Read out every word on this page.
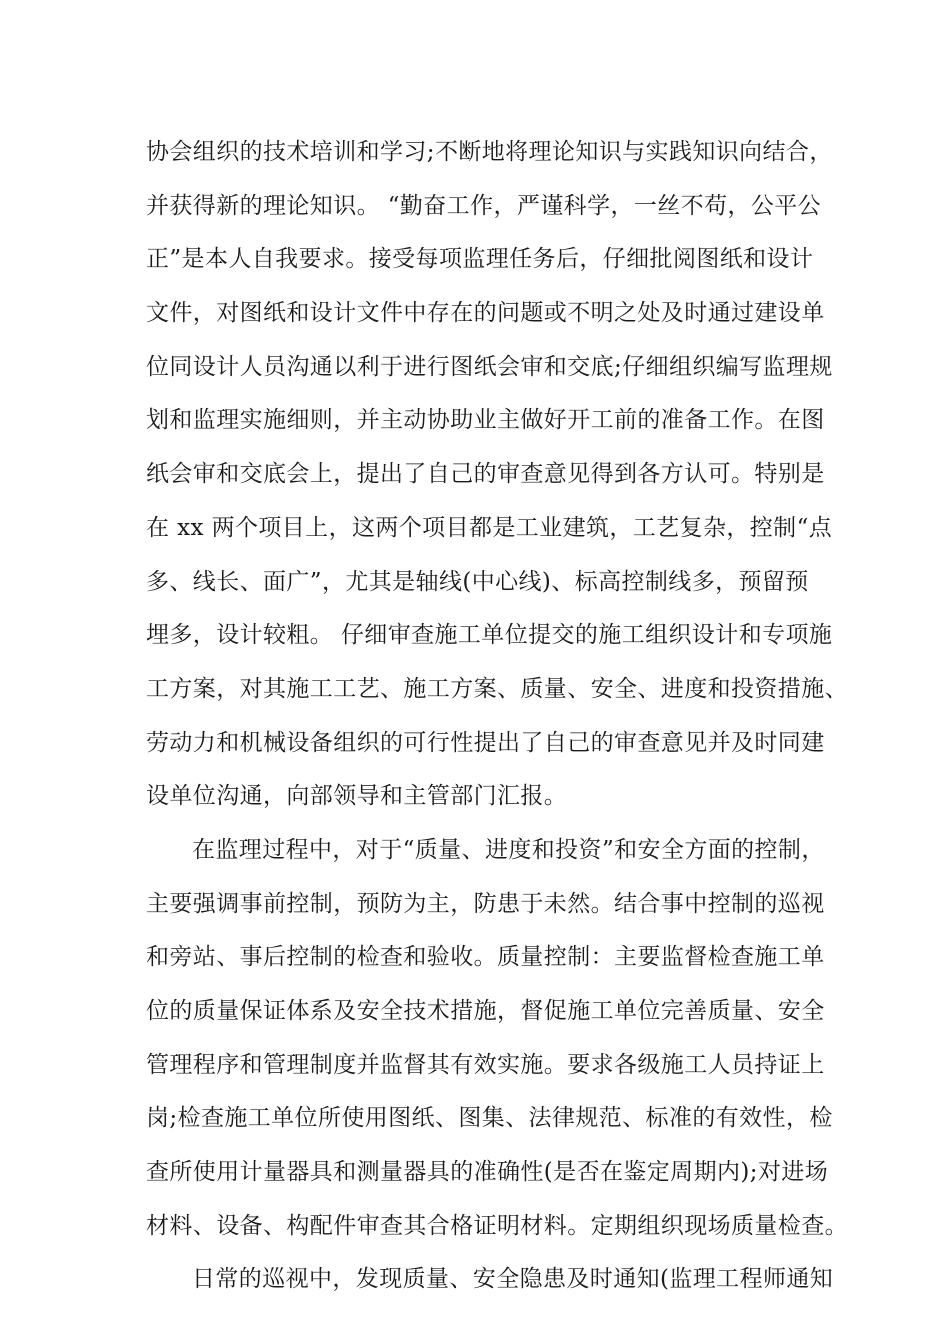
协会组织的技术培训和学习;不断地将理论知识与实践知识向结合，
并获得新的理论知识。 “勤奋工作，严谨科学，一丝不苟，公平公
正”是本人自我要求。接受每项监理任务后，仔细批阅图纸和设计
文件，对图纸和设计文件中存在的问题或不明之处及时通过建设单
位同设计人员沟通以利于进行图纸会审和交底;仔细组织编写监理规
划和监理实施细则，并主动协助业主做好开工前的准备工作。在图
纸会审和交底会上，提出了自己的审查意见得到各方认可。特别是
在 xx 两个项目上，这两个项目都是工业建筑，工艺复杂，控制“点
多、线长、面广”，尤其是轴线(中心线)、标高控制线多，预留预
埋多，设计较粗。 仔细审查施工单位提交的施工组织设计和专项施
工方案，对其施工工艺、施工方案、质量、安全、进度和投资措施、
劳动力和机械设备组织的可行性提出了自己的审查意见并及时同建
设单位沟通，向部领导和主管部门汇报。
在监理过程中，对于“质量、进度和投资”和安全方面的控制，
主要强调事前控制，预防为主，防患于未然。结合事中控制的巡视
和旁站、事后控制的检查和验收。质量控制：主要监督检查施工单
位的质量保证体系及安全技术措施，督促施工单位完善质量、安全
管理程序和管理制度并监督其有效实施。要求各级施工人员持证上
岗;检查施工单位所使用图纸、图集、法律规范、标准的有效性，检
查所使用计量器具和测量器具的准确性(是否在鉴定周期内);对进场
材料、设备、构配件审查其合格证明材料。定期组织现场质量检查。
日常的巡视中，发现质量、安全隐患及时通知(监理工程师通知
